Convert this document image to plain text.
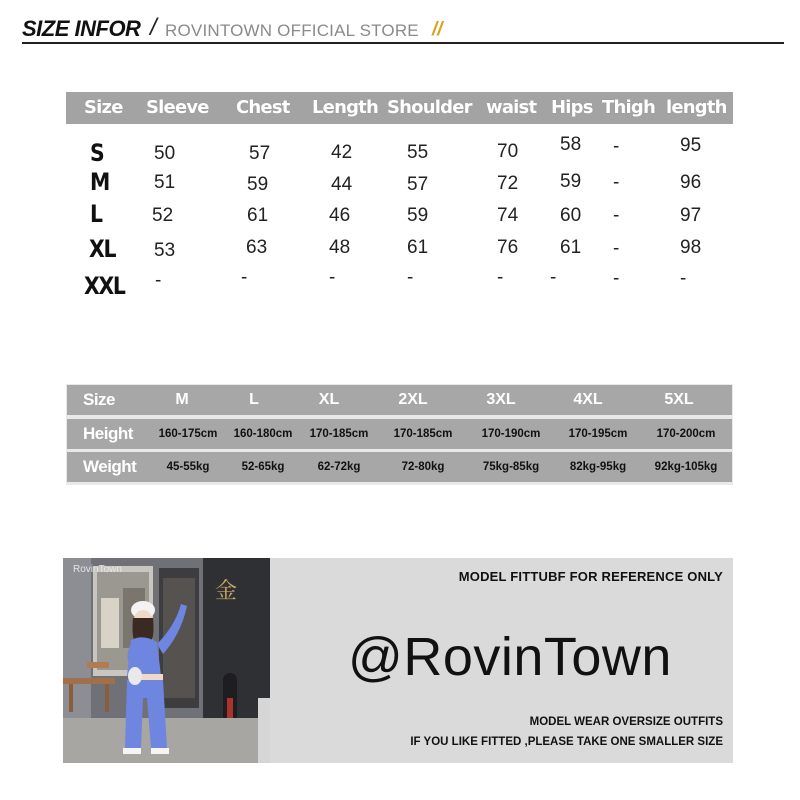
SIZE INFOR / ROVINTOWN OFFICIAL STORE //
Size Sleeve Chest Length Shoulder waist Hips Thigh length
S	50	57	42	55	70 58 -	95
M 51	59	44	57	72 59 -	96
L	52	61	46	59	74 60 -	97
XL 53	63	48	61	76 61 -	98
XXL -	-	-	-	- -	-	-
Size	M	L	XL	2XL	3XL	4XL	5XL
Height	160-175cm	160-180cm	170-185cm	170-185cm	170-190cm	170-195cm	170-200cm
Weight	45-55kg	52-65kg	62-72kg	72-80kg	75kg-85kg	82kg-95kg	92kg-105kg
金
RovinTown	MODEL FITTUBF FOR REFERENCE ONLY
@RovinTown
MODEL WEAR OVERSIZE OUTFITS
IF YOU LIKE FITTED ,PLEASE TAKE ONE SMALLER SIZE
